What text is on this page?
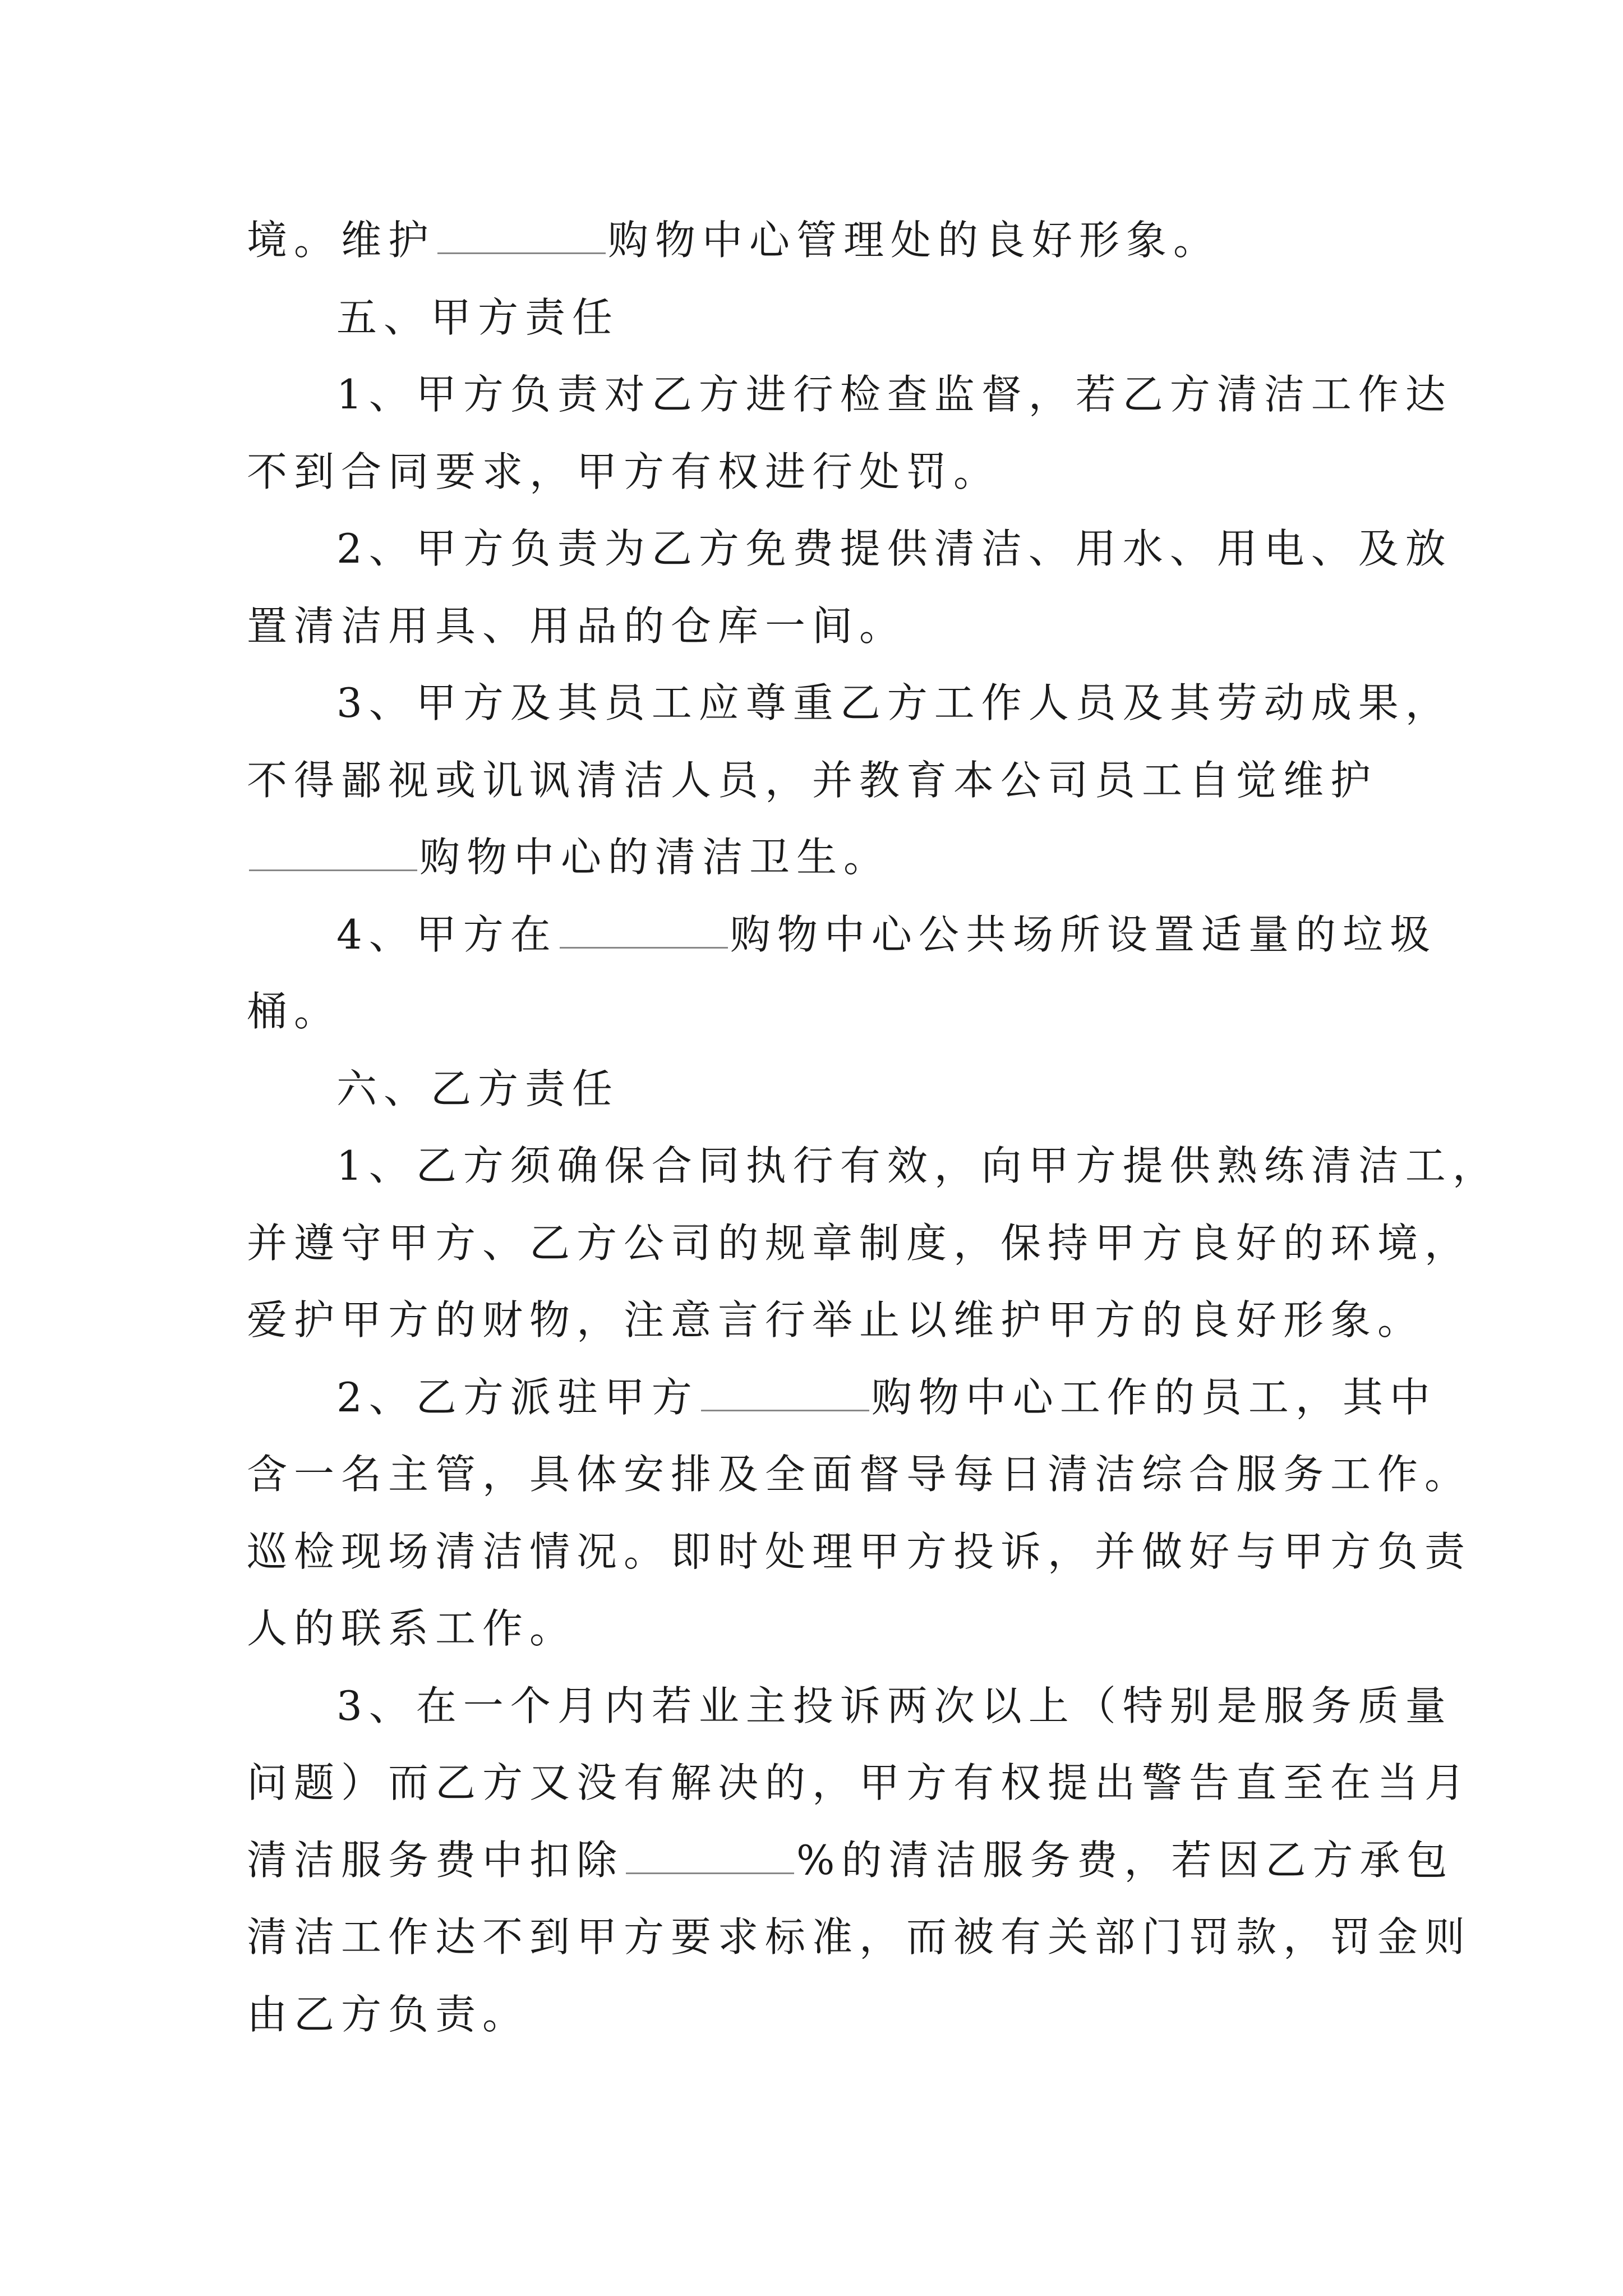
境。维护	购物中心管理处的良好形象。
五、甲方责任
1、甲方负责对乙方进行检查监督，若乙方清洁工作达
不到合同要求，甲方有权进行处罚。
2、甲方负责为乙方免费提供清洁、用水、用电、及放
置清洁用具、用品的仓库一间。
3、甲方及其员工应尊重乙方工作人员及其劳动成果，
不得鄙视或讥讽清洁人员，并教育本公司员工自觉维护
购物中心的清洁卫生。
4、甲方在	购物中心公共场所设置适量的垃圾
桶。
六、乙方责任
1、乙方须确保合同执行有效，向甲方提供熟练清洁工，
并遵守甲方、乙方公司的规章制度，保持甲方良好的环境，
爱护甲方的财物，注意言行举止以维护甲方的良好形象。
2、乙方派驻甲方	购物中心工作的员工，其中
含一名主管，具体安排及全面督导每日清洁综合服务工作。
巡检现场清洁情况。即时处理甲方投诉，并做好与甲方负责
人的联系工作。
3、在一个月内若业主投诉两次以上（特别是服务质量
问题）而乙方又没有解决的，甲方有权提出警告直至在当月
清洁服务费中扣除	%的清洁服务费，若因乙方承包
清洁工作达不到甲方要求标准，而被有关部门罚款，罚金则
由乙方负责。
